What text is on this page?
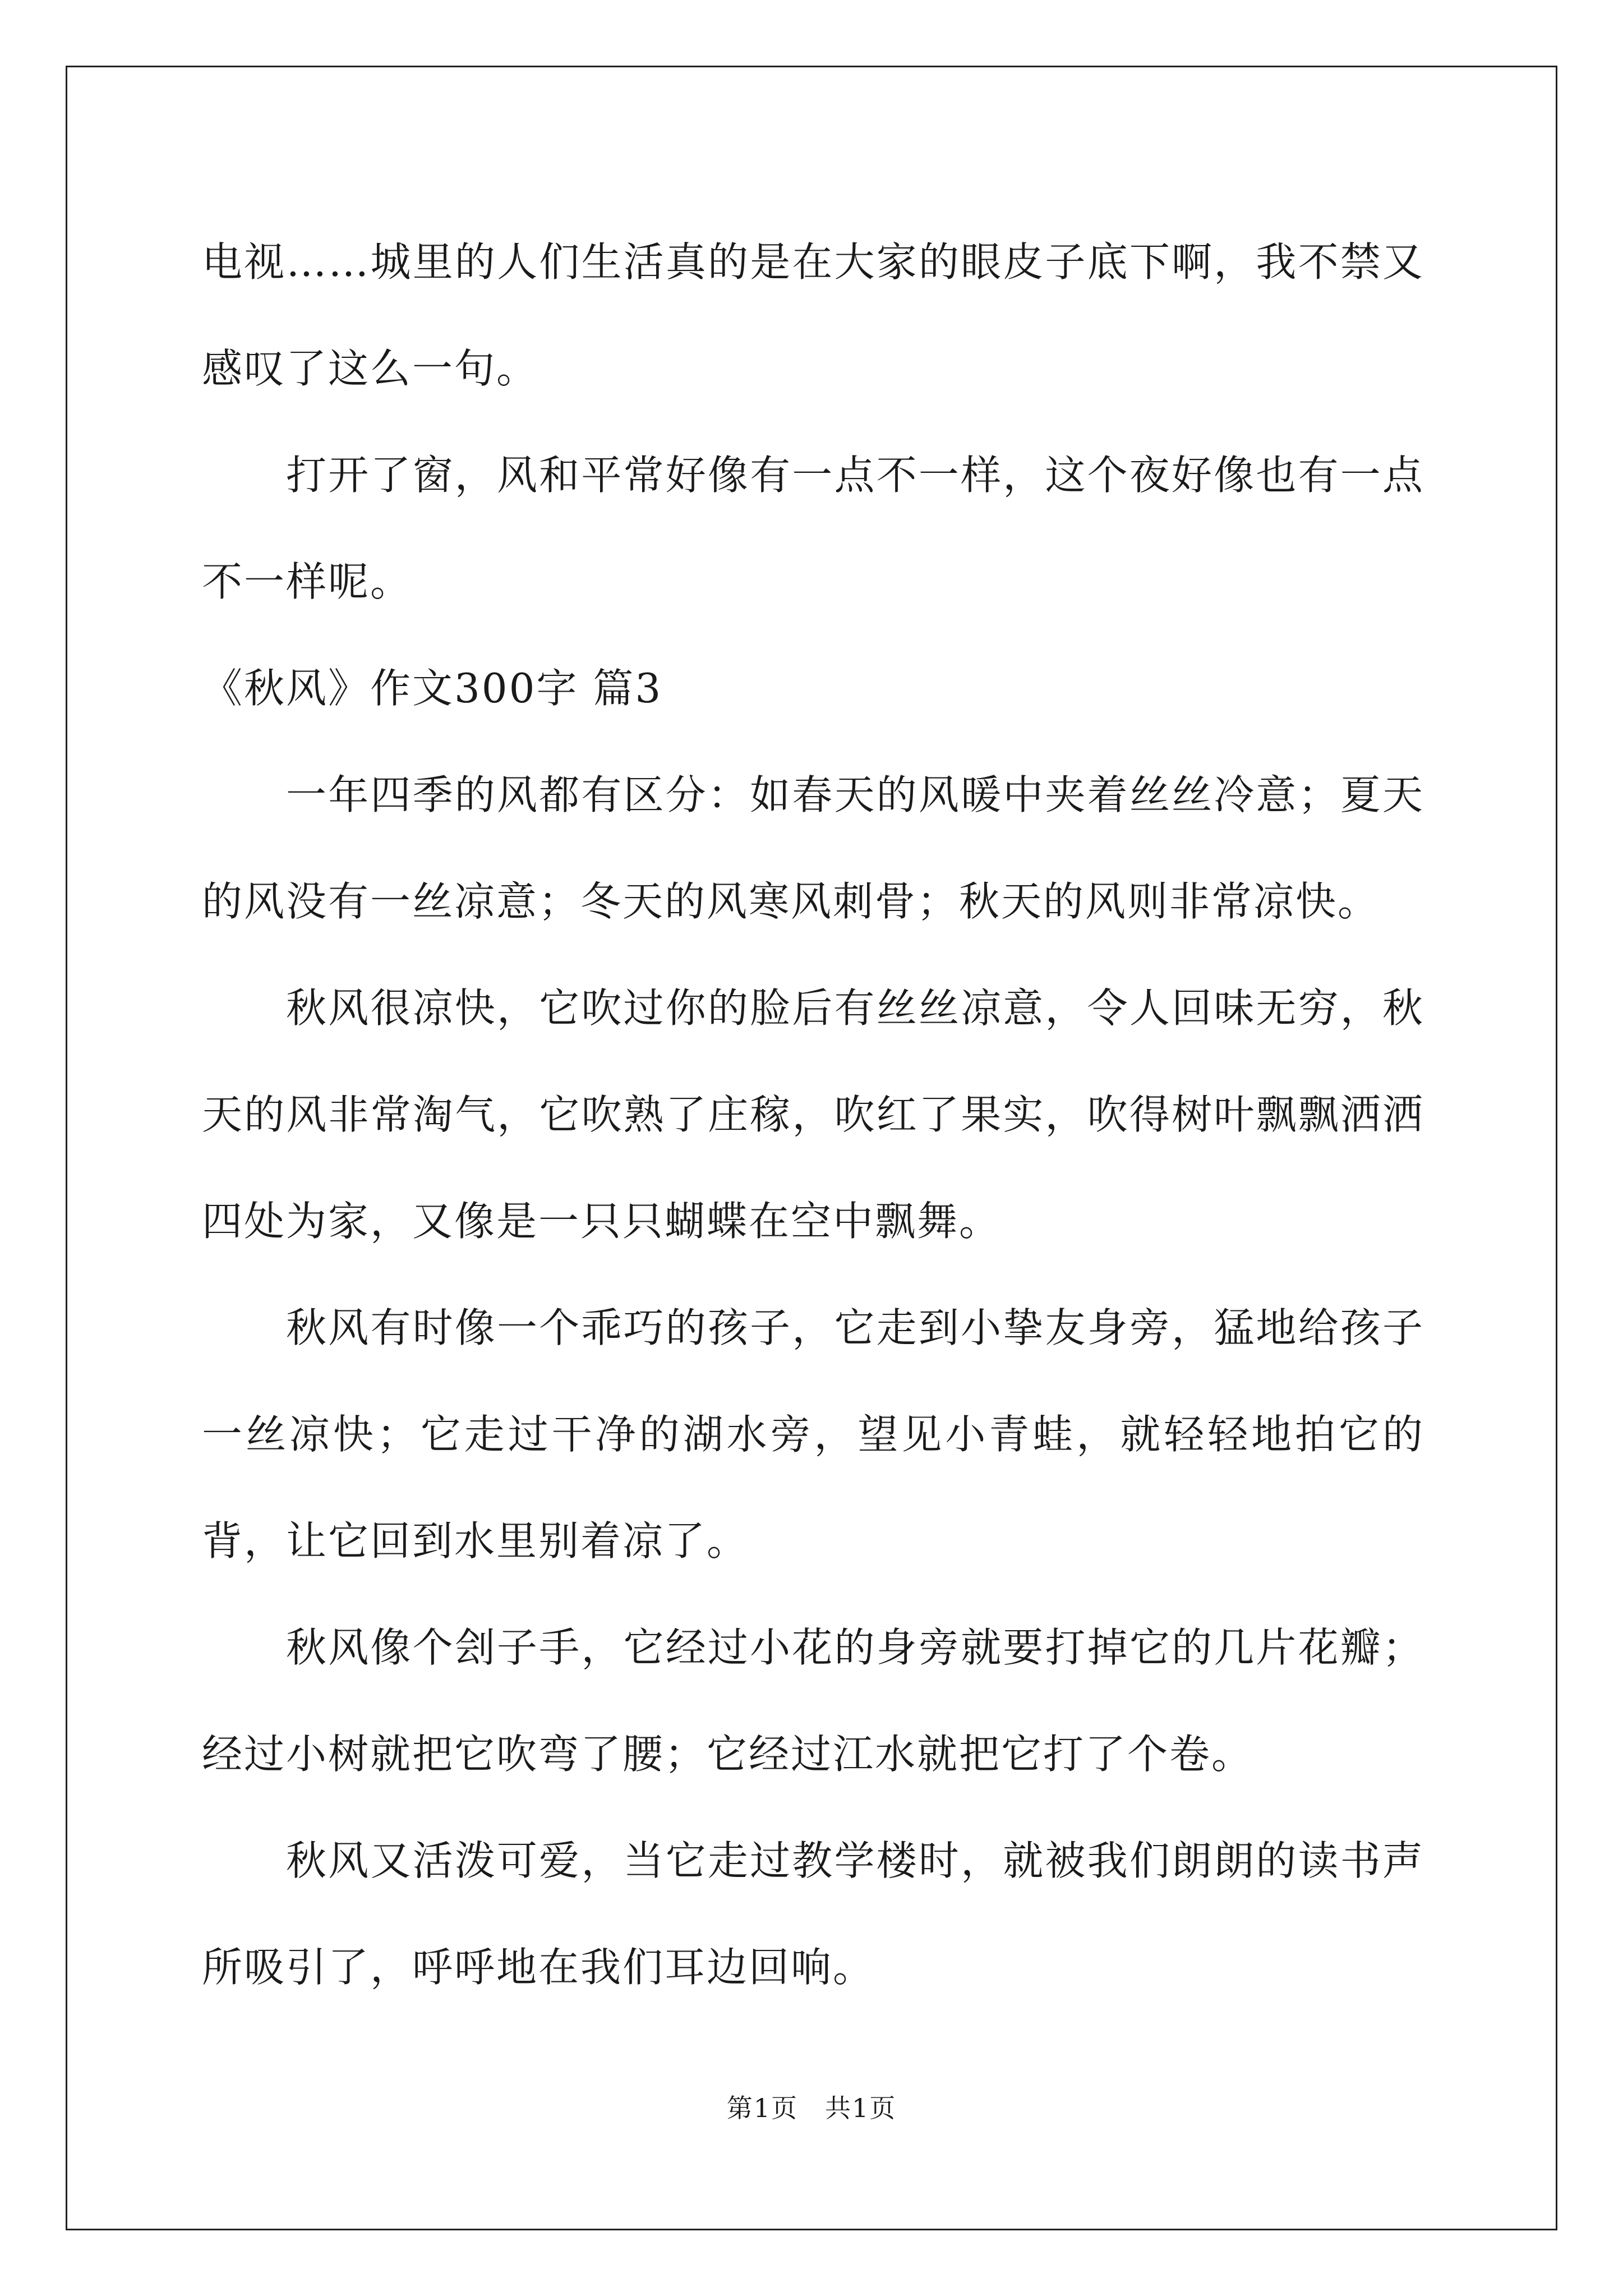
电视……城里的人们生活真的是在大家的眼皮子底下啊，我不禁又感叹了这么一句。

打开了窗，风和平常好像有一点不一样，这个夜好像也有一点不一样呢。

《秋风》作文300字 篇3

一年四季的风都有区分：如春天的风暖中夹着丝丝冷意；夏天的风没有一丝凉意；冬天的风寒风刺骨；秋天的风则非常凉快。

秋风很凉快，它吹过你的脸后有丝丝凉意，令人回味无穷，秋天的风非常淘气，它吹熟了庄稼，吹红了果实，吹得树叶飘飘洒洒四处为家，又像是一只只蝴蝶在空中飘舞。

秋风有时像一个乖巧的孩子，它走到小挚友身旁，猛地给孩子一丝凉快；它走过干净的湖水旁，望见小青蛙，就轻轻地拍它的背，让它回到水里别着凉了。

秋风像个刽子手，它经过小花的身旁就要打掉它的几片花瓣；经过小树就把它吹弯了腰；它经过江水就把它打了个卷。

秋风又活泼可爱，当它走过教学楼时，就被我们朗朗的读书声所吸引了，呼呼地在我们耳边回响。

第1页　共1页
